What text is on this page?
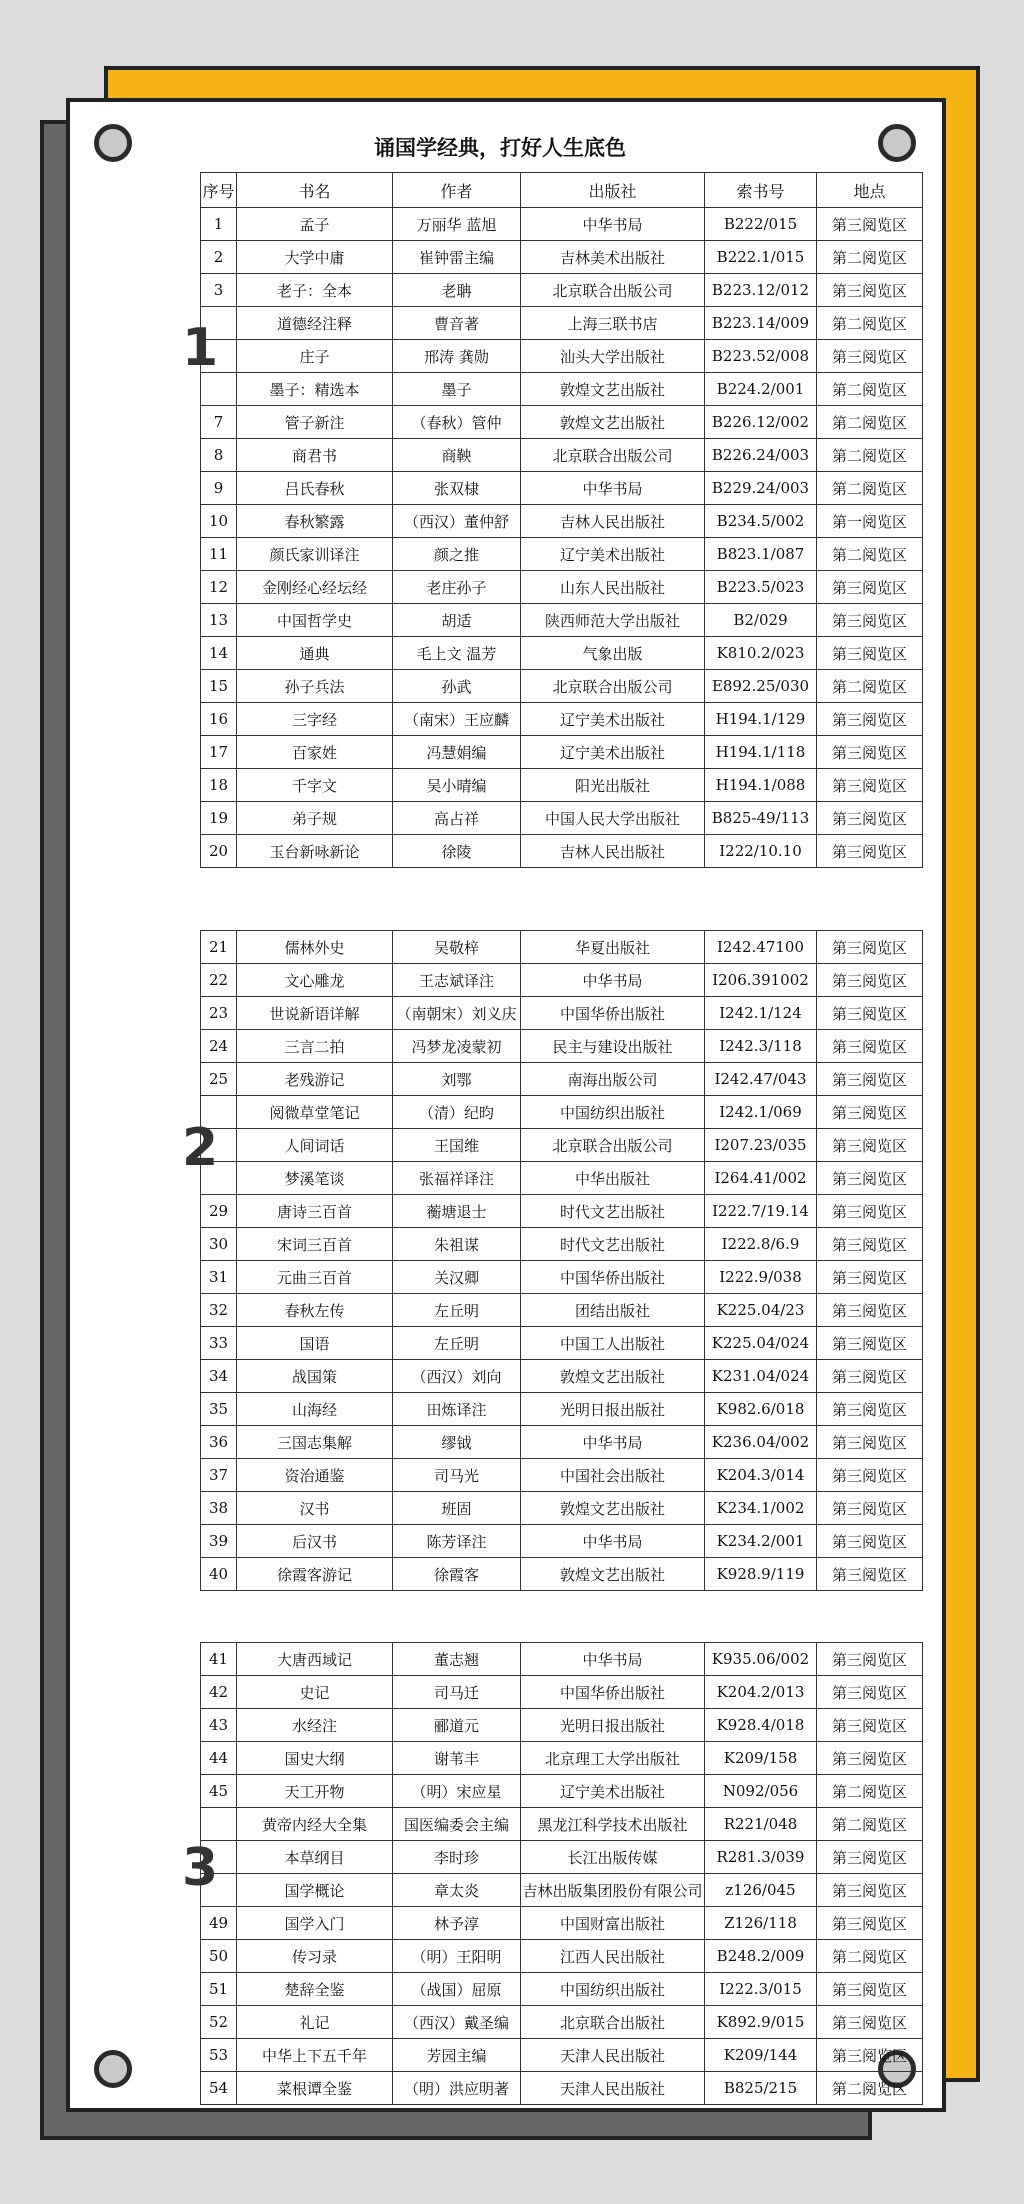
诵国学经典，打好人生底色
1
2
3
序号	书名	作者	出版社	索书号	地点
1	孟子	万丽华 蓝旭	中华书局	B222/015	第三阅览区
2	大学中庸	崔钟雷主编	吉林美术出版社	B222.1/015	第二阅览区
3	老子：全本	老聃	北京联合出版公司	B223.12/012	第三阅览区
	道德经注释	曹音著	上海三联书店	B223.14/009	第二阅览区
	庄子	邢涛 龚勋	汕头大学出版社	B223.52/008	第三阅览区
	墨子：精选本	墨子	敦煌文艺出版社	B224.2/001	第二阅览区
7	管子新注	（春秋）管仲	敦煌文艺出版社	B226.12/002	第二阅览区
8	商君书	商鞅	北京联合出版公司	B226.24/003	第二阅览区
9	吕氏春秋	张双棣	中华书局	B229.24/003	第二阅览区
10	春秋繁露	（西汉）董仲舒	吉林人民出版社	B234.5/002	第一阅览区
11	颜氏家训译注	颜之推	辽宁美术出版社	B823.1/087	第二阅览区
12	金刚经心经坛经	老庄孙子	山东人民出版社	B223.5/023	第三阅览区
13	中国哲学史	胡适	陕西师范大学出版社	B2/029	第三阅览区
14	通典	毛上文 温芳	气象出版	K810.2/023	第三阅览区
15	孙子兵法	孙武	北京联合出版公司	E892.25/030	第二阅览区
16	三字经	（南宋）王应麟	辽宁美术出版社	H194.1/129	第三阅览区
17	百家姓	冯慧娟编	辽宁美术出版社	H194.1/118	第三阅览区
18	千字文	吴小晴编	阳光出版社	H194.1/088	第三阅览区
19	弟子规	高占祥	中国人民大学出版社	B825-49/113	第三阅览区
20	玉台新咏新论	徐陵	吉林人民出版社	I222/10.10	第三阅览区
21	儒林外史	吴敬梓	华夏出版社	I242.47100	第三阅览区
22	文心雕龙	王志斌译注	中华书局	I206.391002	第三阅览区
23	世说新语详解	（南朝宋）刘义庆	中国华侨出版社	I242.1/124	第三阅览区
24	三言二拍	冯梦龙凌蒙初	民主与建设出版社	I242.3/118	第三阅览区
25	老残游记	刘鄂	南海出版公司	I242.47/043	第三阅览区
	阅微草堂笔记	（清）纪昀	中国纺织出版社	I242.1/069	第三阅览区
	人间词话	王国维	北京联合出版公司	I207.23/035	第三阅览区
	梦溪笔谈	张福祥译注	中华出版社	I264.41/002	第三阅览区
29	唐诗三百首	蘅塘退士	时代文艺出版社	I222.7/19.14	第三阅览区
30	宋词三百首	朱祖谋	时代文艺出版社	I222.8/6.9	第三阅览区
31	元曲三百首	关汉卿	中国华侨出版社	I222.9/038	第三阅览区
32	春秋左传	左丘明	团结出版社	K225.04/23	第三阅览区
33	国语	左丘明	中国工人出版社	K225.04/024	第三阅览区
34	战国策	（西汉）刘向	敦煌文艺出版社	K231.04/024	第三阅览区
35	山海经	田炼译注	光明日报出版社	K982.6/018	第三阅览区
36	三国志集解	缪钺	中华书局	K236.04/002	第三阅览区
37	资治通鉴	司马光	中国社会出版社	K204.3/014	第三阅览区
38	汉书	班固	敦煌文艺出版社	K234.1/002	第三阅览区
39	后汉书	陈芳译注	中华书局	K234.2/001	第三阅览区
40	徐霞客游记	徐霞客	敦煌文艺出版社	K928.9/119	第三阅览区
41	大唐西域记	董志翘	中华书局	K935.06/002	第三阅览区
42	史记	司马迁	中国华侨出版社	K204.2/013	第三阅览区
43	水经注	郦道元	光明日报出版社	K928.4/018	第三阅览区
44	国史大纲	谢苇丰	北京理工大学出版社	K209/158	第三阅览区
45	天工开物	（明）宋应星	辽宁美术出版社	N092/056	第二阅览区
	黄帝内经大全集	国医编委会主编	黑龙江科学技术出版社	R221/048	第二阅览区
	本草纲目	李时珍	长江出版传媒	R281.3/039	第三阅览区
	国学概论	章太炎	吉林出版集团股份有限公司	z126/045	第三阅览区
49	国学入门	林予淳	中国财富出版社	Z126/118	第三阅览区
50	传习录	（明）王阳明	江西人民出版社	B248.2/009	第二阅览区
51	楚辞全鉴	（战国）屈原	中国纺织出版社	I222.3/015	第三阅览区
52	礼记	（西汉）戴圣编	北京联合出版社	K892.9/015	第三阅览区
53	中华上下五千年	芳园主编	天津人民出版社	K209/144	第三阅览区
54	菜根谭全鉴	（明）洪应明著	天津人民出版社	B825/215	第二阅览区
